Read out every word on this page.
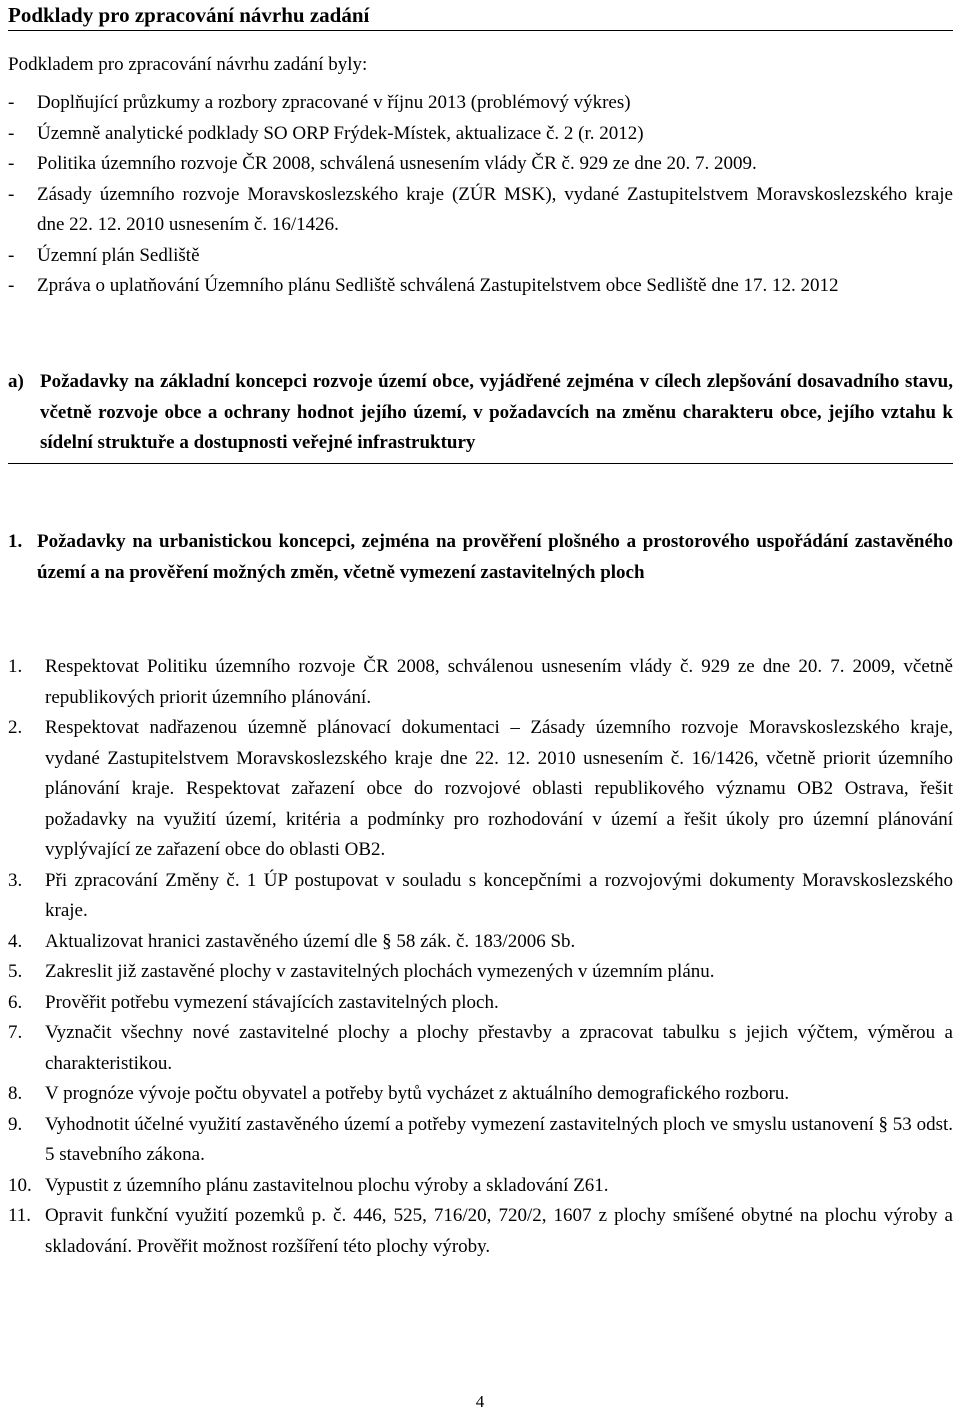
Podklady pro zpracování návrhu zadání

Podkladem pro zpracování návrhu zadání byly:

- Doplňující průzkumy a rozbory zpracované v říjnu 2013 (problémový výkres)
- Územně analytické podklady SO ORP Frýdek-Místek, aktualizace č. 2 (r. 2012)
- Politika územního rozvoje ČR 2008, schválená usnesením vlády ČR č. 929 ze dne 20. 7. 2009.
- Zásady územního rozvoje Moravskoslezského kraje (ZÚR MSK), vydané Zastupitelstvem Moravskoslezského kraje dne 22. 12. 2010 usnesením č. 16/1426.
- Územní plán Sedliště
- Zpráva o uplatňování Územního plánu Sedliště schválená Zastupitelstvem obce Sedliště dne 17. 12. 2012
a) Požadavky na základní koncepci rozvoje území obce, vyjádřené zejména v cílech zlepšování dosavadního stavu, včetně rozvoje obce a ochrany hodnot jejího území, v požadavcích na změnu charakteru obce, jejího vztahu k sídelní struktuře a dostupnosti veřejné infrastruktury
1. Požadavky na urbanistickou koncepci, zejména na prověření plošného a prostorového uspořádání zastavěného území a na prověření možných změn, včetně vymezení zastavitelných ploch
1. Respektovat Politiku územního rozvoje ČR 2008, schválenou usnesením vlády č. 929 ze dne 20. 7. 2009, včetně republikových priorit územního plánování.
2. Respektovat nadřazenou územně plánovací dokumentaci – Zásady územního rozvoje Moravskoslezského kraje, vydané Zastupitelstvem Moravskoslezského kraje dne 22. 12. 2010 usnesením č. 16/1426, včetně priorit územního plánování kraje. Respektovat zařazení obce do rozvojové oblasti republikového významu OB2 Ostrava, řešit požadavky na využití území, kritéria a podmínky pro rozhodování v území a řešit úkoly pro územní plánování vyplývající ze zařazení obce do oblasti OB2.
3. Při zpracování Změny č. 1 ÚP postupovat v souladu s koncepčními a rozvojovými dokumenty Moravskoslezského kraje.
4. Aktualizovat hranici zastavěného území dle § 58 zák. č. 183/2006 Sb.
5. Zakreslit již zastavěné plochy v zastavitelných plochách vymezených v územním plánu.
6. Prověřit potřebu vymezení stávajících zastavitelných ploch.
7. Vyznačit všechny nové zastavitelné plochy a plochy přestavby a zpracovat tabulku s jejich výčtem, výměrou a charakteristikou.
8. V prognóze vývoje počtu obyvatel a potřeby bytů vycházet z aktuálního demografického rozboru.
9. Vyhodnotit účelné využití zastavěného území a potřeby vymezení zastavitelných ploch ve smyslu ustanovení § 53 odst. 5 stavebního zákona.
10. Vypustit z územního plánu zastavitelnou plochu výroby a skladování Z61.
11. Opravit funkční využití pozemků p. č. 446, 525, 716/20, 720/2, 1607 z plochy smíšené obytné na plochu výroby a skladování. Prověřit možnost rozšíření této plochy výroby.
4
